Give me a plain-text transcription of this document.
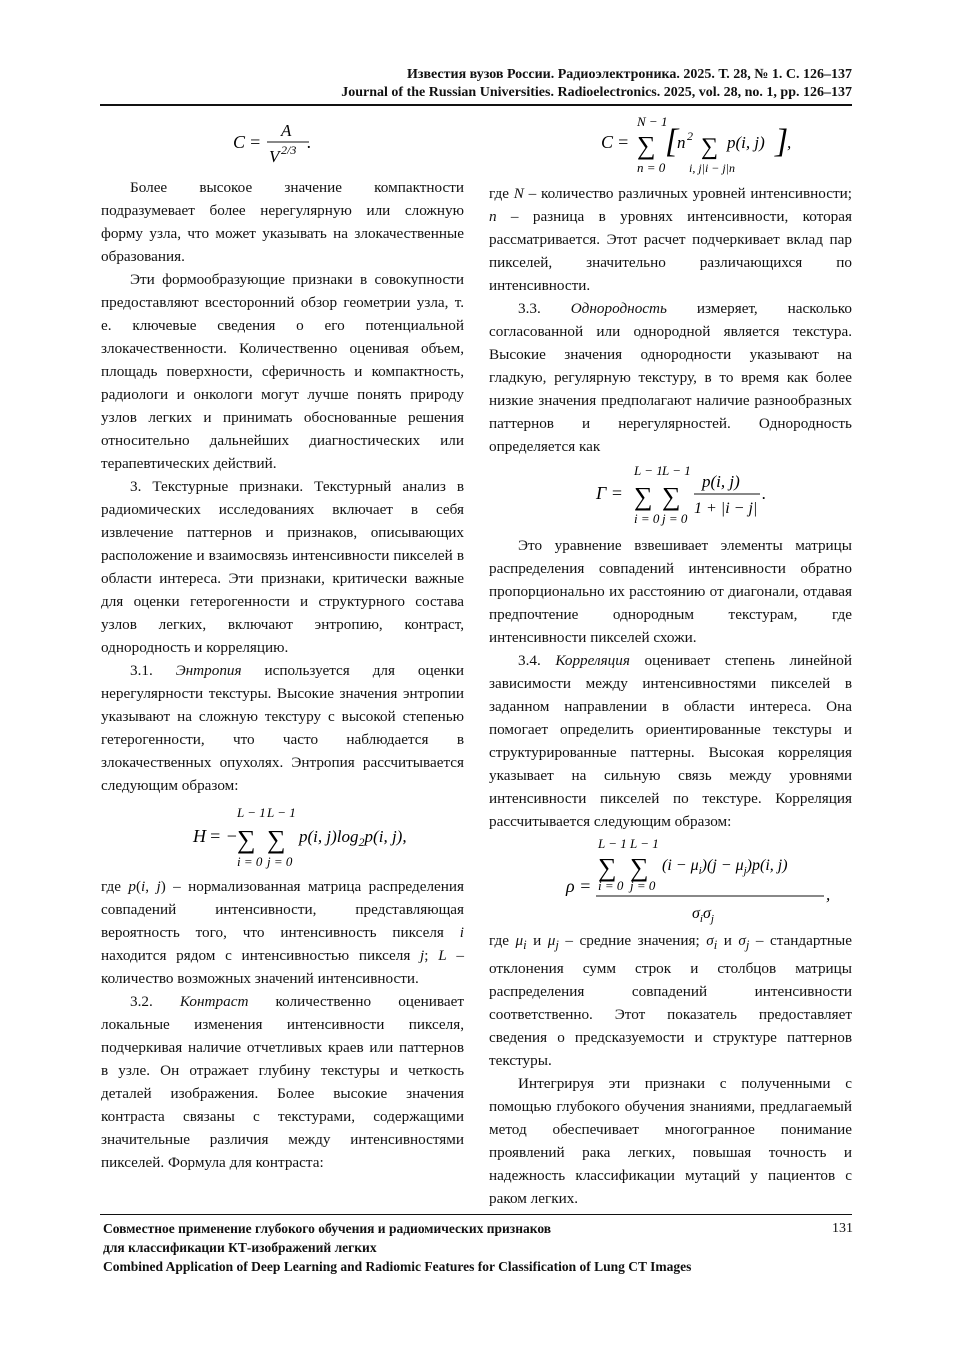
Известия вузов России. Радиоэлектроника. 2025. Т. 28, № 1. С. 126–137
Journal of the Russian Universities. Radioelectronics. 2025, vol. 28, no. 1, pp. 126–137
C =
A
V 2/3 .

Более высокое значение компактности подразумевает более нерегулярную или сложную форму узла, что может указывать на злокачественные образования.

Эти формообразующие признаки в совокупности предоставляют всесторонний обзор геометрии узла, т. е. ключевые сведения о его потенциальной злокачественности. Количественно оценивая объем, площадь поверхности, сферичность и компактность, радиологи и онкологи могут лучше понять природу узлов легких и принимать обоснованные решения относительно дальнейших диагностических или терапевтических действий.

3. Текстурные признаки. Текстурный анализ в радиомических исследованиях включает в себя извлечение паттернов и признаков, описывающих расположение и взаимосвязь интенсивности пикселей в области интереса. Эти признаки, критически важные для оценки гетерогенности и структурного состава узлов легких, включают энтропию, контраст, однородность и корреляцию.

3.1. Энтропия используется для оценки нерегулярности текстуры. Высокие значения энтропии указывают на сложную текстуру с высокой степенью гетерогенности, что часто наблюдается в злокачественных опухолях. Энтропия рассчитывается следующим образом:

H = −
L − 1
∑
i = 0
L − 1
∑
j = 0
p(i, $j)\log_2p(i$, j),

где p(i, j) – нормализованная матрица распределения совпадений интенсивности, представляющая вероятность того, что интенсивность пикселя i находится рядом с интенсивностью пикселя j; L – количество возможных значений интенсивности.

3.2. Контраст количественно оценивает локальные изменения интенсивности пикселя, подчеркивая наличие отчетливых краев или паттернов в узле. Он отражает глубину текстуры и четкость деталей изображения. Более высокие значения контраста связаны с текстурами, содержащими значительные различия между интенсивностями пикселей. Формула для контраста:

C =
N − 1
∑
n = 0
[
n 2 ∑
i, j|i − j|n
p(i, j) ]
,

где N – количество различных уровней интенсивности; n – разница в уровнях интенсивности, которая рассматривается. Этот расчет подчеркивает вклад пар пикселей, значительно различающихся по интенсивности.

3.3. Однородность измеряет, насколько согласованной или однородной является текстура. Высокие значения однородности указывают на гладкую, регулярную текстуру, в то время как более низкие значения предполагают наличие разнообразных паттернов и нерегулярностей. Однородность определяется как

Γ =
L − 1
∑
i = 0
L − 1
∑
j = 0
p(i, j)
1 + |i − j|
.

Это уравнение взвешивает элементы матрицы распределения совпадений интенсивности обратно пропорционально их расстоянию от диагонали, отдавая предпочтение однородным текстурам, где интенсивности пикселей схожи.

3.4. Корреляция оценивает степень линейной зависимости между интенсивностями пикселей в заданном направлении в области интереса. Она помогает определить ориентированные текстуры и структурированные паттерны. Высокая корреляция указывает на сильную связь между уровнями интенсивности пикселей по текстуре. Корреляция рассчитывается следующим образом:

ρ =
L − 1
∑
i = 0
L − 1
∑
j = 0
$(i - \mu_i)(j - \mu_j)p(i$, j)
$\sigma_i\sigma_j$
,

где $\mu_i$ и $\mu_j$ – средние значения; $\sigma_i$ и $\sigma_j$ – стандартные отклонения сумм строк и столбцов матрицы распределения совпадений интенсивности соответственно. Этот показатель предоставляет сведения о предсказуемости и структуре паттернов текстуры.

Интегрируя эти признаки с полученными с помощью глубокого обучения знаниями, предлагаемый метод обеспечивает многогранное понимание проявлений рака легких, повышая точность и надежность классификации мутаций у пациентов с раком легких.

Совместное применение глубокого обучения и радиомических признаков
для классификации КТ-изображений легких
Combined Application of Deep Learning and Radiomic Features for Classification of Lung CT Images
131
